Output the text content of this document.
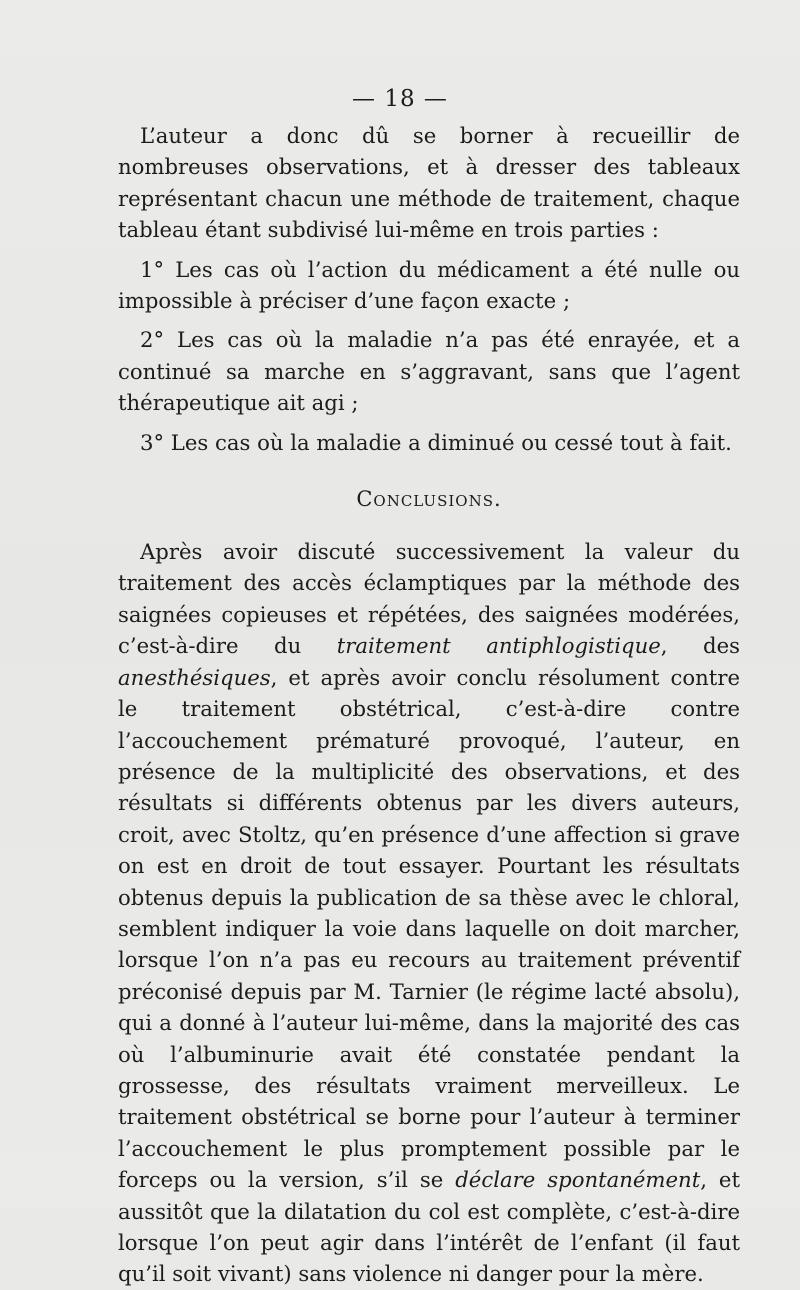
— 18 —

L’auteur a donc dû se borner à recueillir de nombreuses observations, et à dresser des tableaux représentant chacun une méthode de traitement, chaque tableau étant subdivisé lui-même en trois parties :

1° Les cas où l’action du médicament a été nulle ou impossible à préciser d’une façon exacte ;

2° Les cas où la maladie n’a pas été enrayée, et a continué sa marche en s’aggravant, sans que l’agent thérapeutique ait agi ;

3° Les cas où la maladie a diminué ou cessé tout à fait.

Conclusions.

Après avoir discuté successivement la valeur du traitement des accès éclamptiques par la méthode des saignées copieuses et répétées, des saignées modérées, c’est-à-dire du traitement antiphlogistique, des anesthésiques, et après avoir conclu résolument contre le traitement obstétrical, c’est-à-dire contre l’accouchement prématuré provoqué, l’auteur, en présence de la multiplicité des observations, et des résultats si différents obtenus par les divers auteurs, croit, avec Stoltz, qu’en présence d’une affection si grave on est en droit de tout essayer. Pourtant les résultats obtenus depuis la publication de sa thèse avec le chloral, semblent indiquer la voie dans laquelle on doit marcher, lorsque l’on n’a pas eu recours au traitement préventif préconisé depuis par M. Tarnier (le régime lacté absolu), qui a donné à l’auteur lui-même, dans la majorité des cas où l’albuminurie avait été constatée pendant la grossesse, des résultats vraiment merveilleux. Le traitement obstétrical se borne pour l’auteur à terminer l’accouchement le plus promptement possible par le forceps ou la version, s’il se déclare spontanément, et aussitôt que la dilatation du col est complète, c’est-à-dire lorsque l’on peut agir dans l’intérêt de l’enfant (il faut qu’il soit vivant) sans violence ni danger pour la mère.
